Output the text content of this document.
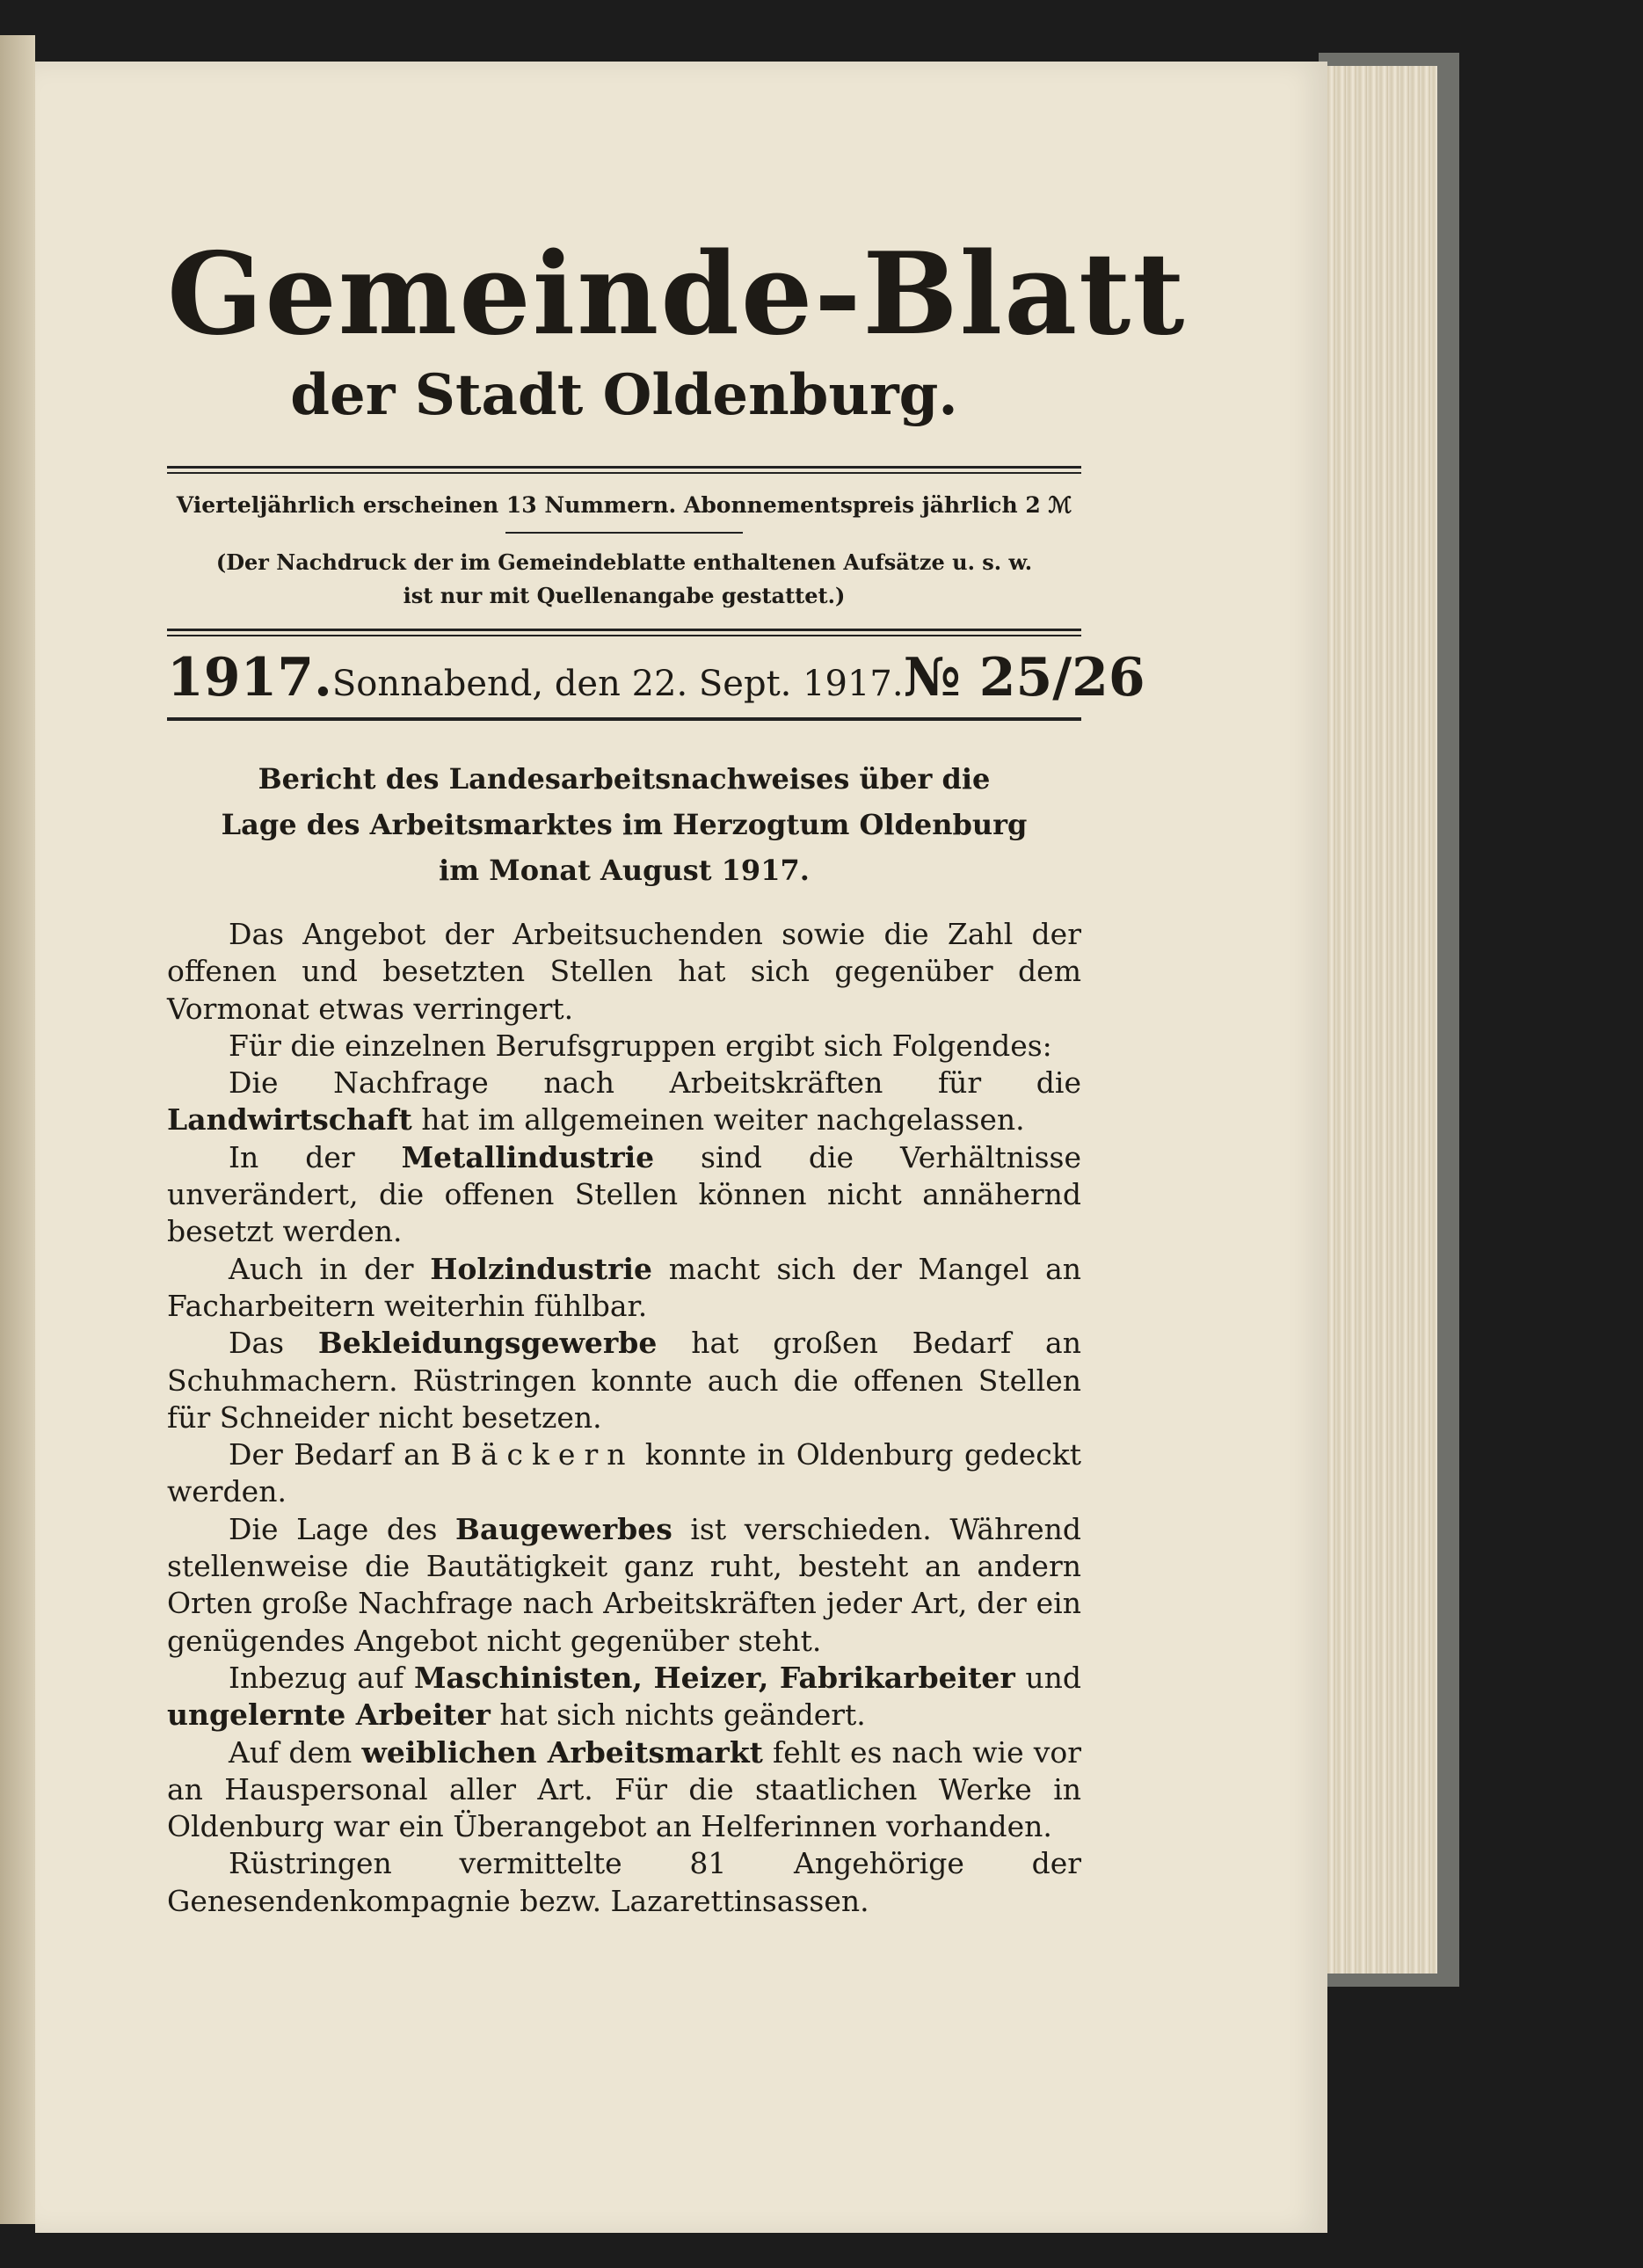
Gemeinde-Blatt
der Stadt Oldenburg.
Vierteljährlich erscheinen 13 Nummern. Abonnementspreis jährlich 2 ℳ
(Der Nachdruck der im Gemeindeblatte enthaltenen Aufsätze u. s. w.
ist nur mit Quellenangabe gestattet.)
1917. Sonnabend, den 22. Sept. 1917. № 25/26
Bericht des Landesarbeitsnachweises über die
Lage des Arbeitsmarktes im Herzogtum Oldenburg
im Monat August 1917.

Das Angebot der Arbeitsuchenden sowie die Zahl der offenen und besetzten Stellen hat sich gegenüber dem Vormonat etwas verringert.

Für die einzelnen Berufsgruppen ergibt sich Folgendes:

Die Nachfrage nach Arbeitskräften für die Landwirtschaft hat im allgemeinen weiter nachgelassen.

In der Metallindustrie sind die Verhältnisse unverändert, die offenen Stellen können nicht annähernd besetzt werden.

Auch in der Holzindustrie macht sich der Mangel an Facharbeitern weiterhin fühlbar.

Das Bekleidungsgewerbe hat großen Bedarf an Schuhmachern. Rüstringen konnte auch die offenen Stellen für Schneider nicht besetzen.

Der Bedarf an Bäckern konnte in Oldenburg gedeckt werden.

Die Lage des Baugewerbes ist verschieden. Während stellenweise die Bautätigkeit ganz ruht, besteht an andern Orten große Nachfrage nach Arbeitskräften jeder Art, der ein genügendes Angebot nicht gegenüber steht.

Inbezug auf Maschinisten, Heizer, Fabrikarbeiter und ungelernte Arbeiter hat sich nichts geändert.

Auf dem weiblichen Arbeitsmarkt fehlt es nach wie vor an Hauspersonal aller Art. Für die staatlichen Werke in Oldenburg war ein Überangebot an Helferinnen vorhanden.

Rüstringen vermittelte 81 Angehörige der Genesendenkompagnie bezw. Lazarettinsassen.
